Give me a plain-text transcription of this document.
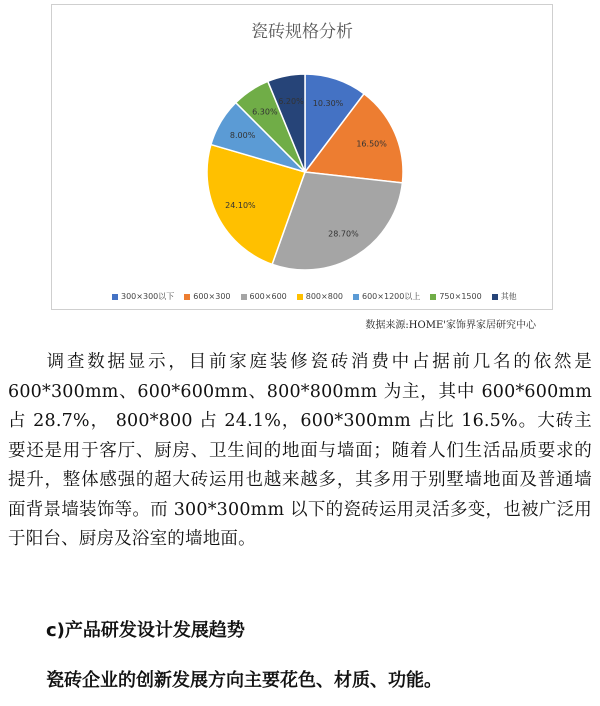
瓷砖规格分析
10.30%
16.50%
28.70%
24.10%
8.00%
6.30%
6.20%
300×300以下 600×300 600×600 800×800 600×1200以上 750×1500 其他
数据来源:HOME'家饰界家居研究中心
调查数据显示，目前家庭装修瓷砖消费中占据前几名的依然是 600*300mm、600*600mm、800*800mm 为主，其中 600*600mm 占 28.7%， 800*800 占 24.1%，600*300mm 占比 16.5%。大砖主要还是用于客厅、厨房、卫生间的地面与墙面；随着人们生活品质要求的提升，整体感强的超大砖运用也越来越多，其多用于别墅墙地面及普通墙面背景墙装饰等。而 300*300mm 以下的瓷砖运用灵活多变，也被广泛用于阳台、厨房及浴室的墙地面。
c)产品研发设计发展趋势
瓷砖企业的创新发展方向主要花色、材质、功能。
